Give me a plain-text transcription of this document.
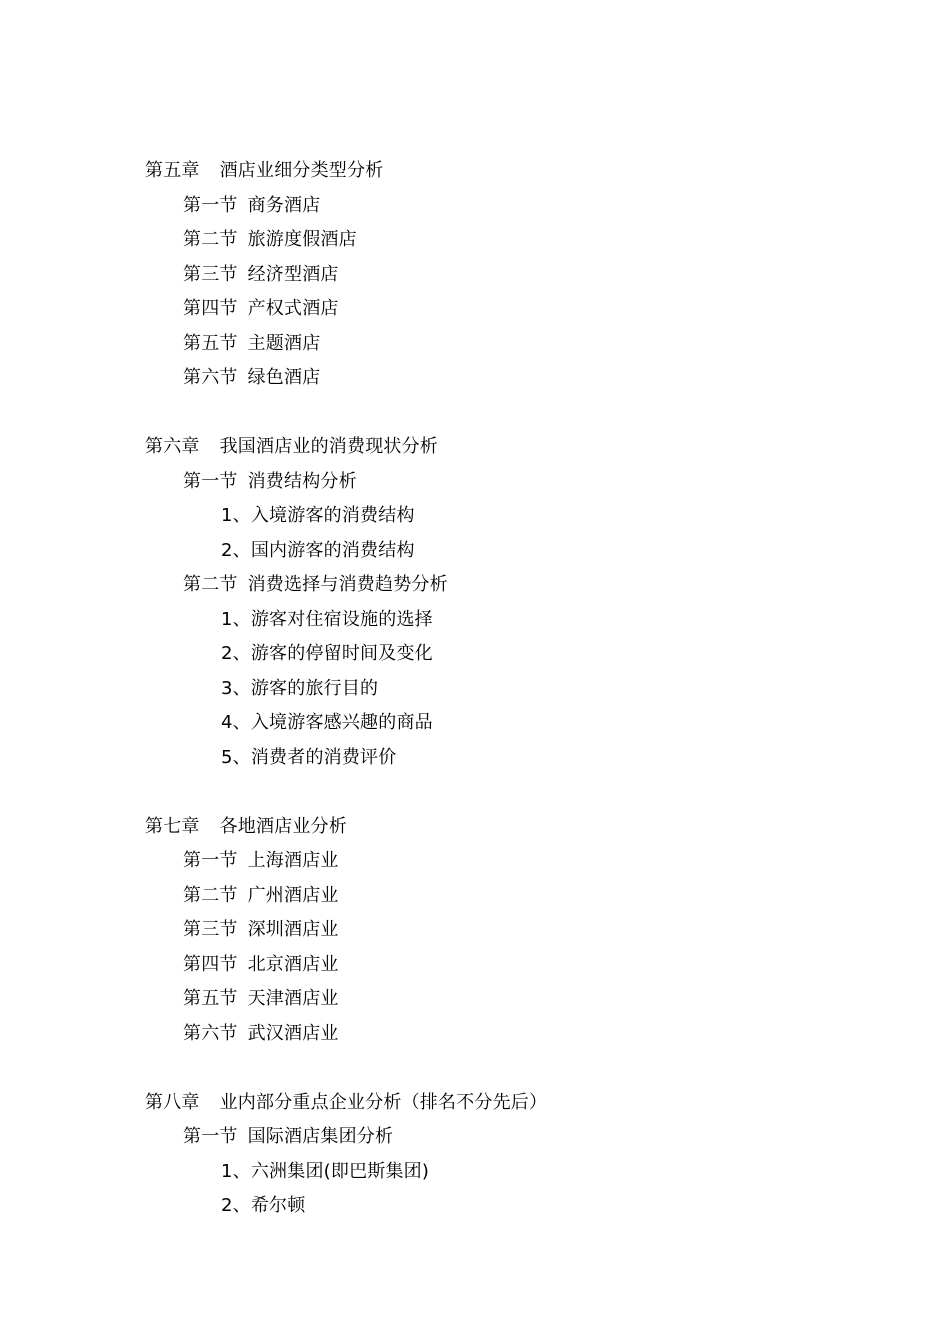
第五章 酒店业细分类型分析
第一节 商务酒店
第二节 旅游度假酒店
第三节 经济型酒店
第四节 产权式酒店
第五节 主题酒店
第六节 绿色酒店
第六章 我国酒店业的消费现状分析
第一节 消费结构分析
1、入境游客的消费结构
2、国内游客的消费结构
第二节 消费选择与消费趋势分析
1、游客对住宿设施的选择
2、游客的停留时间及变化
3、游客的旅行目的
4、入境游客感兴趣的商品
5、消费者的消费评价
第七章 各地酒店业分析
第一节 上海酒店业
第二节 广州酒店业
第三节 深圳酒店业
第四节 北京酒店业
第五节 天津酒店业
第六节 武汉酒店业
第八章 业内部分重点企业分析（排名不分先后）
第一节 国际酒店集团分析
1、六洲集团(即巴斯集团)
2、希尔顿
